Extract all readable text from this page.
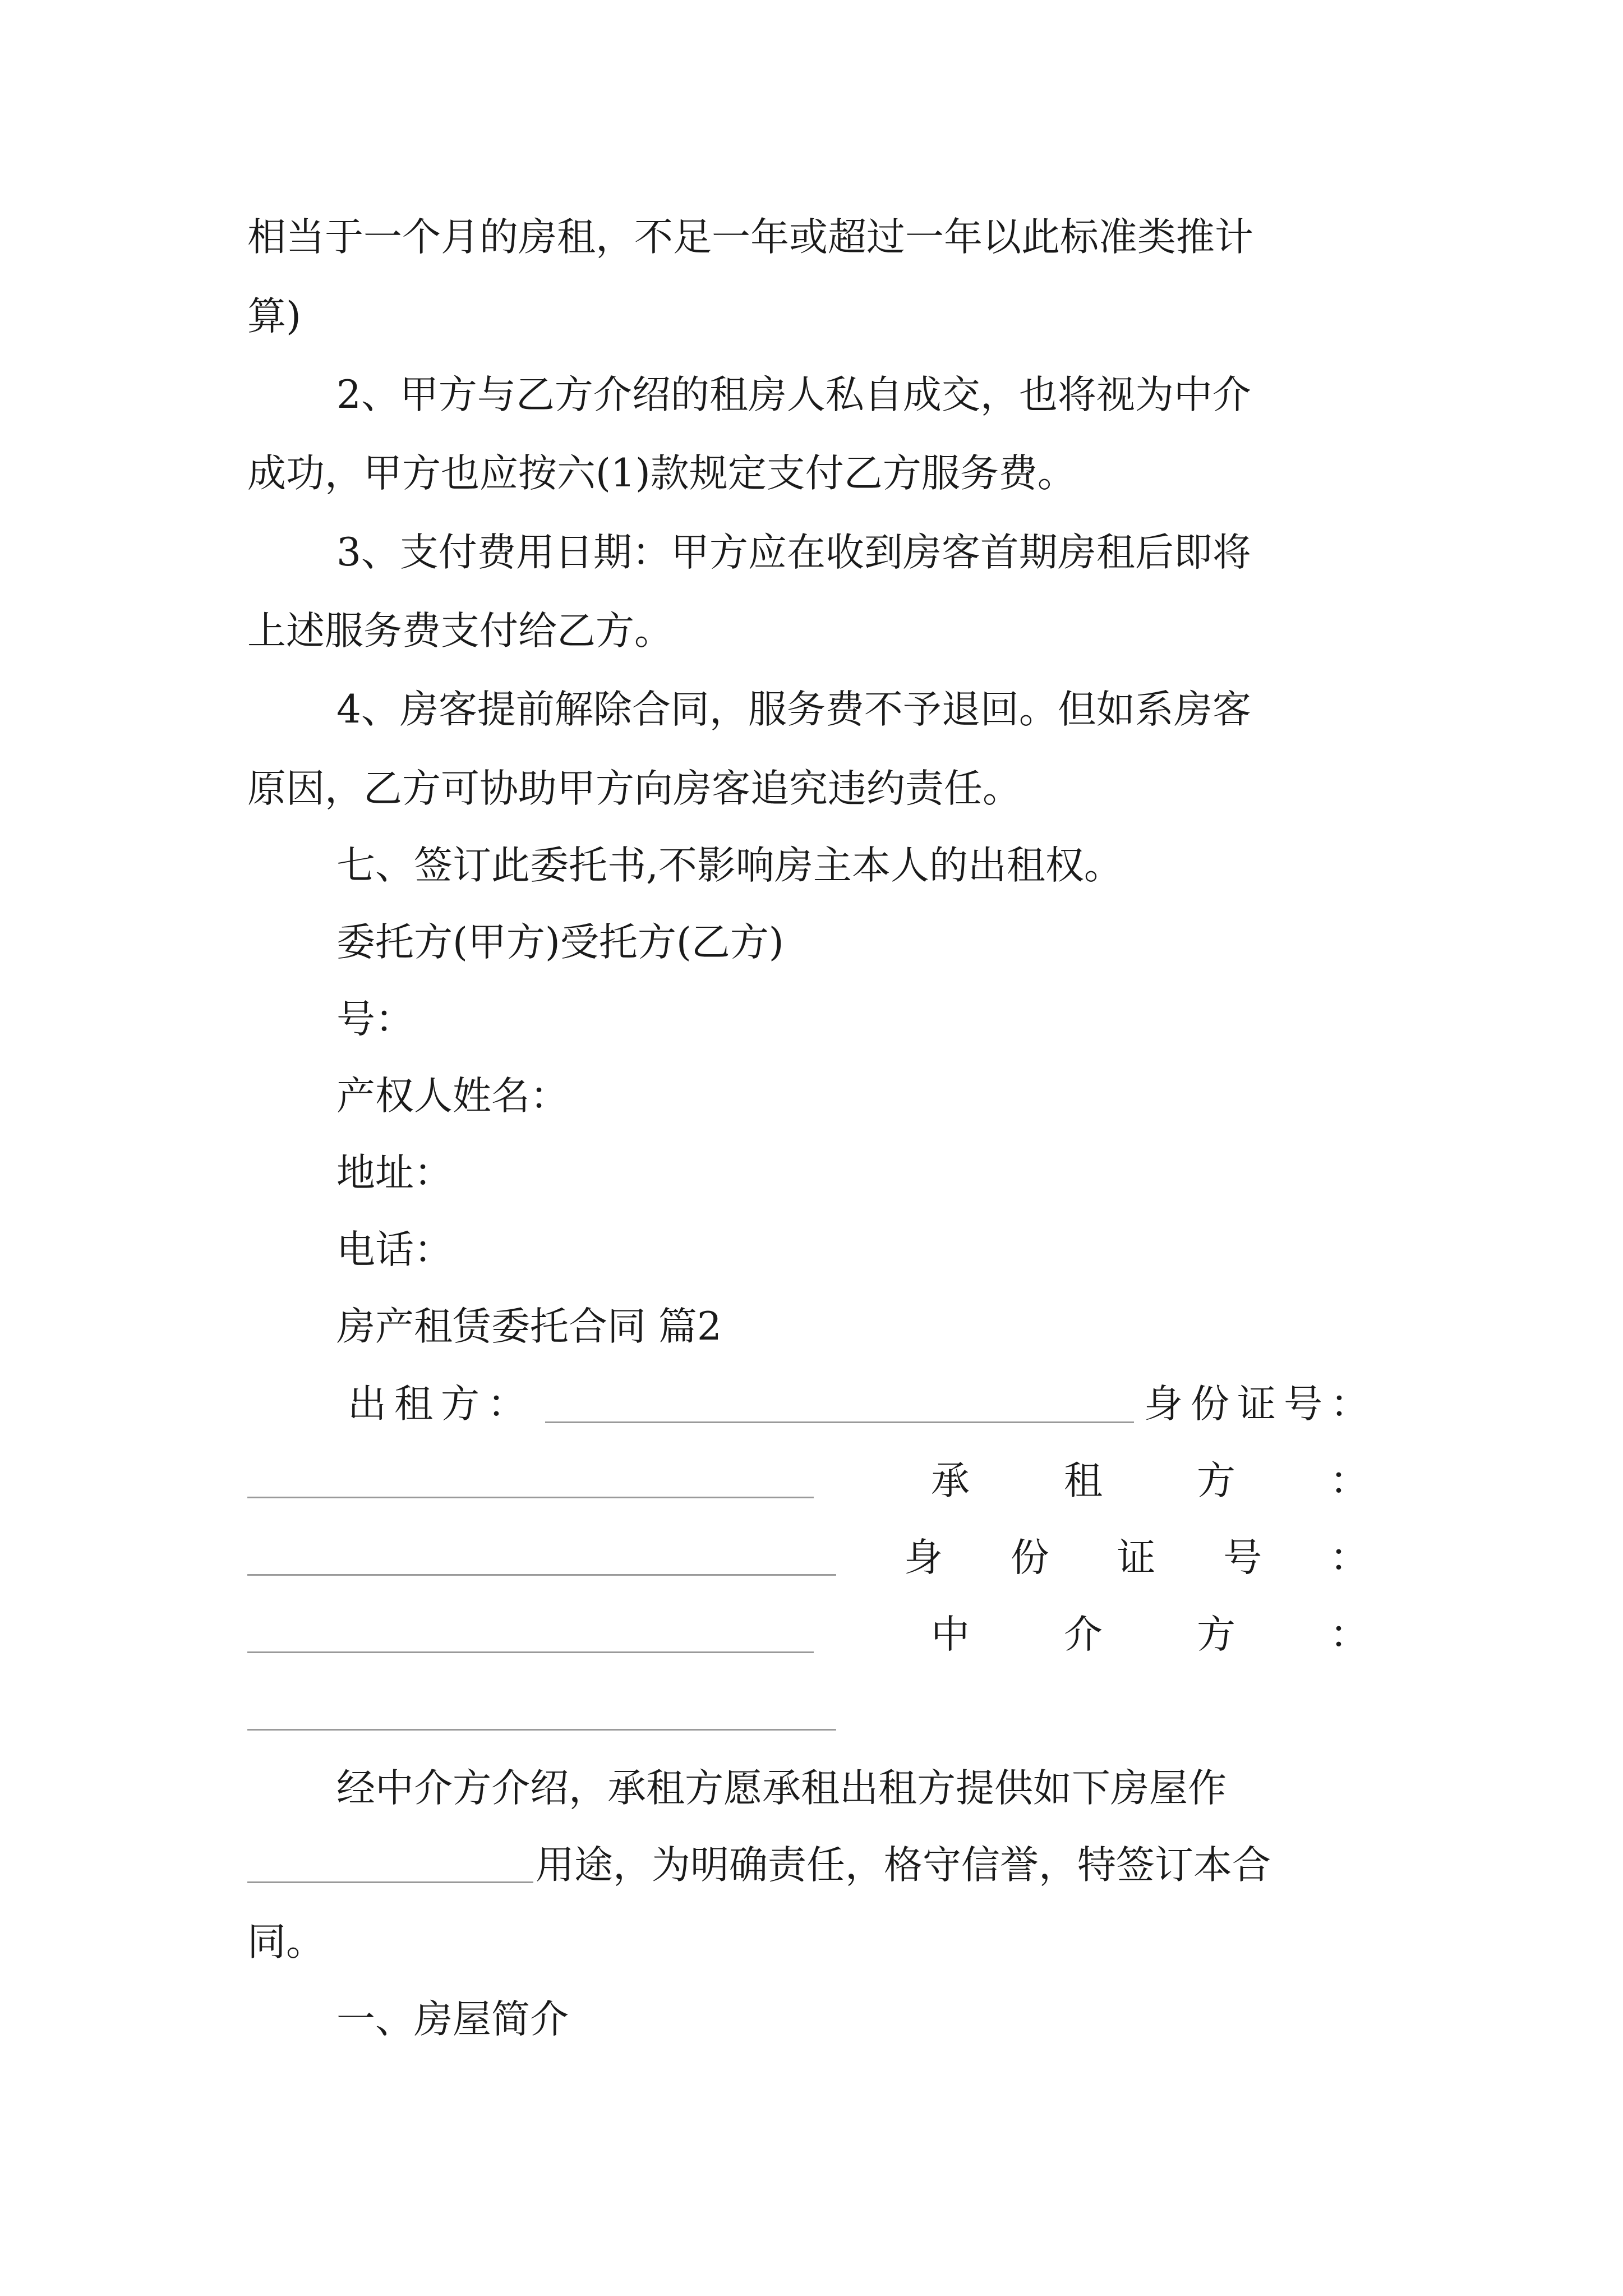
相当于一个月的房租，不足一年或超过一年以此标准类推计
算)
2、甲方与乙方介绍的租房人私自成交，也将视为中介
成功，甲方也应按六(1)款规定支付乙方服务费。
3、支付费用日期：甲方应在收到房客首期房租后即将
上述服务费支付给乙方。
4、房客提前解除合同，服务费不予退回。但如系房客
原因，乙方可协助甲方向房客追究违约责任。
七、签订此委托书,不影响房主本人的出租权。
委托方(甲方)受托方(乙方)
号：
产权人姓名：
地址：
电话：
房产租赁委托合同 篇2
出租方：	身份证号：
承 租 方 ：
身 份 证 号 ：
中 介 方 ：
经中介方介绍，承租方愿承租出租方提供如下房屋作
用途，为明确责任，格守信誉，特签订本合
同。
一、房屋简介
